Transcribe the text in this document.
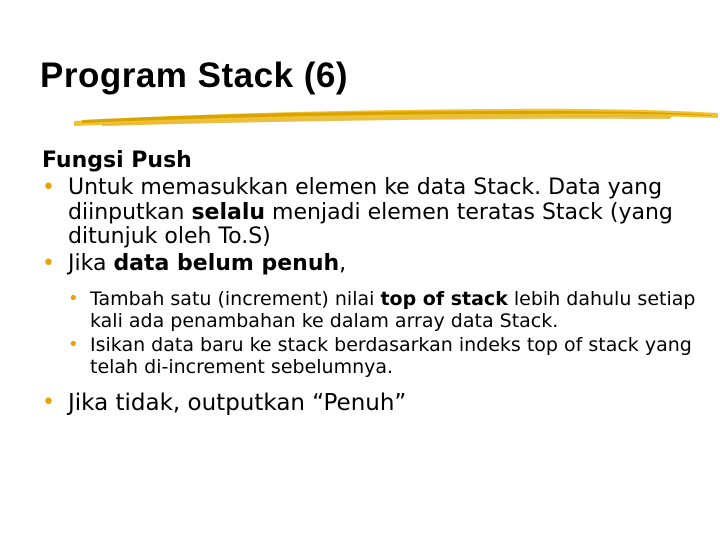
Program Stack (6)
Fungsi Push
• Untuk memasukkan elemen ke data Stack. Data yang diinputkan selalu menjadi elemen teratas Stack (yang ditunjuk oleh To.S)
• Jika data belum penuh,
• Tambah satu (increment) nilai top of stack lebih dahulu setiap kali ada penambahan ke dalam array data Stack.
• Isikan data baru ke stack berdasarkan indeks top of stack yang telah di-increment sebelumnya.
• Jika tidak, outputkan “Penuh”
